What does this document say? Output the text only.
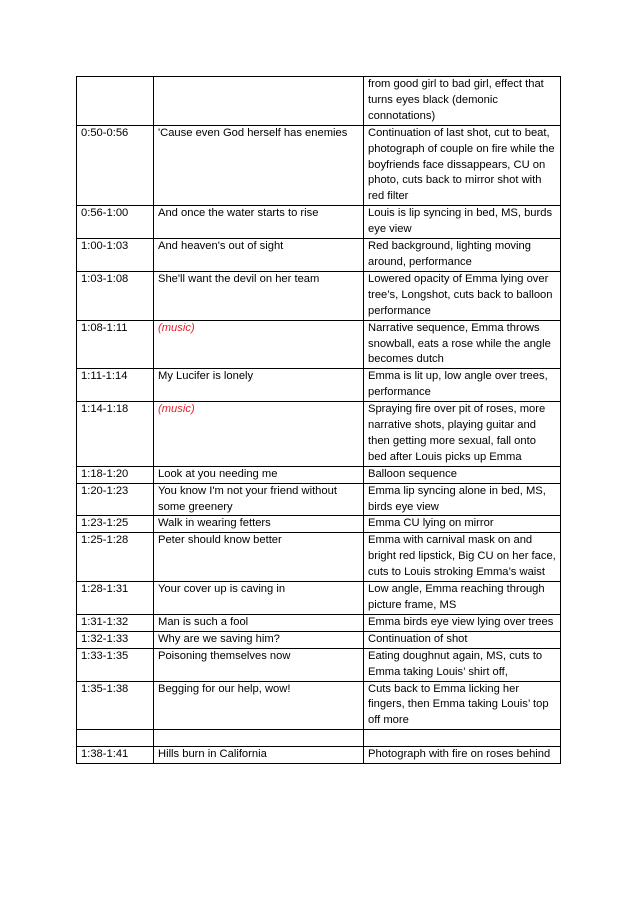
		from good girl to bad girl, effect that turns eyes black (demonic connotations)
0:50-0:56	'Cause even God herself has enemies	Continuation of last shot, cut to beat, photograph of couple on fire while the boyfriends face dissappears, CU on photo, cuts back to mirror shot with red filter
0:56-1:00	And once the water starts to rise	Louis is lip syncing in bed, MS, burds eye view
1:00-1:03	And heaven's out of sight	Red background, lighting moving around, performance
1:03-1:08	She'll want the devil on her team	Lowered opacity of Emma lying over tree’s, Longshot, cuts back to balloon performance
1:08-1:11	(music)	Narrative sequence, Emma throws snowball, eats a rose while the angle becomes dutch
1:11-1:14	My Lucifer is lonely	Emma is lit up, low angle over trees, performance
1:14-1:18	(music)	Spraying fire over pit of roses, more narrative shots, playing guitar and then getting more sexual, fall onto bed after Louis picks up Emma
1:18-1:20	Look at you needing me	Balloon sequence
1:20-1:23	You know I'm not your friend without some greenery	Emma lip syncing alone in bed, MS, birds eye view
1:23-1:25	Walk in wearing fetters	Emma CU lying on mirror
1:25-1:28	Peter should know better	Emma with carnival mask on and bright red lipstick, Big CU on her face, cuts to Louis stroking Emma’s waist
1:28-1:31	Your cover up is caving in	Low angle, Emma reaching through picture frame, MS
1:31-1:32	Man is such a fool	Emma birds eye view lying over trees
1:32-1:33	Why are we saving him?	Continuation of shot
1:33-1:35	Poisoning themselves now	Eating doughnut again, MS, cuts to Emma taking Louis’ shirt off,
1:35-1:38	Begging for our help, wow!	Cuts back to Emma licking her fingers, then Emma taking Louis’ top off more

1:38-1:41	Hills burn in California	Photograph with fire on roses behind
